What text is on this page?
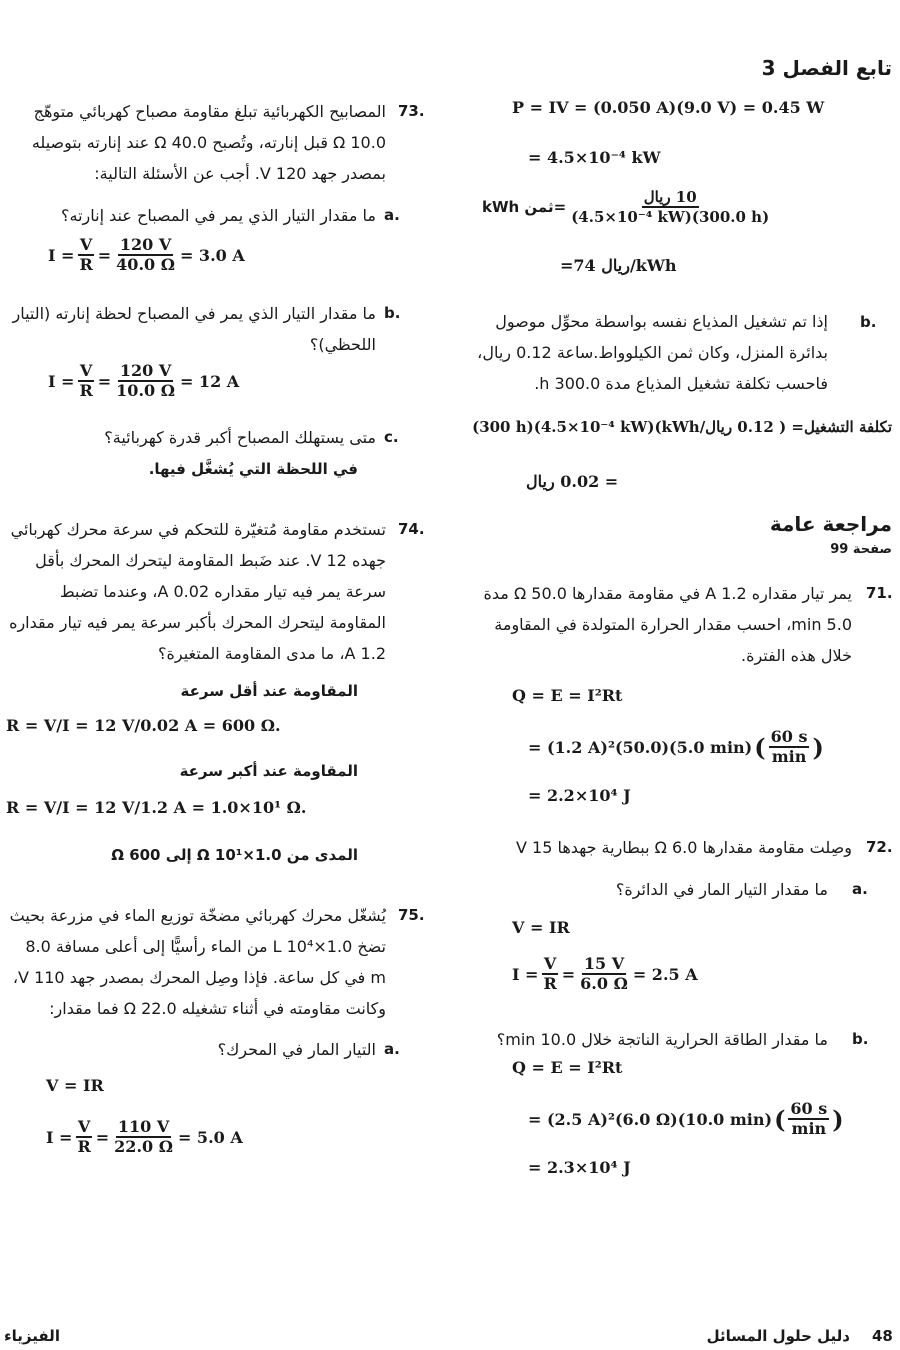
تابع الفصل 3
P = IV = (0.050 A)(9.0 V) = 0.45 W
= 4.5×10⁻⁴ kW
kWh ثمن= $\frac{\text{10 ريال}}{\text{(4.5×10⁻⁴ kW)(300.0 h)}}$
=74 ريال/kWh
b.
إذا تم تشغيل المذياع نفسه بواسطة محوِّل موصول بدائرة المنزل، وكان ثمن الكيلوواط.ساعة 0.12 ريال، فاحسب تكلفة تشغيل المذياع مدة 300.0 h.
تكلفة التشغيل= ( 0.12 ريال/kWh)(4.5×10⁻⁴ kW)(300 h)
= 0.02 ريال
مراجعة عامة
صفحة 99
71.
يمر تيار مقداره 1.2 A في مقاومة مقدارها 50.0 Ω مدة 5.0 min، احسب مقدار الحرارة المتولدة في المقاومة خلال هذه الفترة.
Q = E = I²Rt
= (1.2 A)²(50.0)(5.0 min) ( $\frac{60 s}{\min}$ )
= 2.2×10⁴ J
72.
وصِلت مقاومة مقدارها 6.0 Ω ببطارية جهدها 15 V
a.
ما مقدار التيار المار في الدائرة؟
V = IR
$I = \frac{V}{R} = \frac{15 V}{6.0 \Omega} = 2.5$ A
b.
ما مقدار الطاقة الحرارية الناتجة خلال 10.0 min؟
Q = E = I²Rt
= (2.5 A)²(6.0 Ω)(10.0 min) ( $\frac{60 s}{\min}$ )
= 2.3×10⁴ J
73.
المصابيح الكهربائية تبلغ مقاومة مصباح كهربائي متوهّج 10.0 Ω قبل إنارته، وتُصبح 40.0 Ω عند إنارته بتوصيله بمصدر جهد 120 V. أجب عن الأسئلة التالية:
a.
ما مقدار التيار الذي يمر في المصباح عند إنارته؟
$I = \frac{V}{R} = \frac{120 V}{40.0 \Omega} = 3.0$ A
b.
ما مقدار التيار الذي يمر في المصباح لحظة إنارته (التيار اللحظي)؟
$I = \frac{V}{R} = \frac{120 V}{10.0 \Omega} = 12$ A
c.
متى يستهلك المصباح أكبر قدرة كهربائية؟
في اللحظة التي يُشغَّل فيها.
74.
تستخدم مقاومة مُتغيّرة للتحكم في سرعة محرك كهربائي جهده 12 V. عند ضَبط المقاومة ليتحرك المحرك بأقل سرعة يمر فيه تيار مقداره 0.02 A، وعندما تضبط المقاومة ليتحرك المحرك بأكبر سرعة يمر فيه تيار مقداره 1.2 A، ما مدى المقاومة المتغيرة؟
المقاومة عند أقل سرعة
R = V/I = 12 V/0.02 A = 600 Ω.
المقاومة عند أكبر سرعة
R = V/I = 12 V/1.2 A = 1.0×10¹ Ω.
المدى من 1.0×10¹ Ω إلى 600 Ω
75.
يُشغّل محرك كهربائي مضخّة توزيع الماء في مزرعة بحيث تضخ 1.0×10⁴ L من الماء رأسيًّا إلى أعلى مسافة 8.0 m في كل ساعة. فإذا وصِل المحرك بمصدر جهد 110 V، وكانت مقاومته في أثناء تشغيله 22.0 Ω فما مقدار:
a.
التيار المار في المحرك؟
V = IR
$I = \frac{V}{R} = \frac{110 V}{22.0 \Omega} = 5.0$ A
48
دليل حلول المسائل
الفيزياء
